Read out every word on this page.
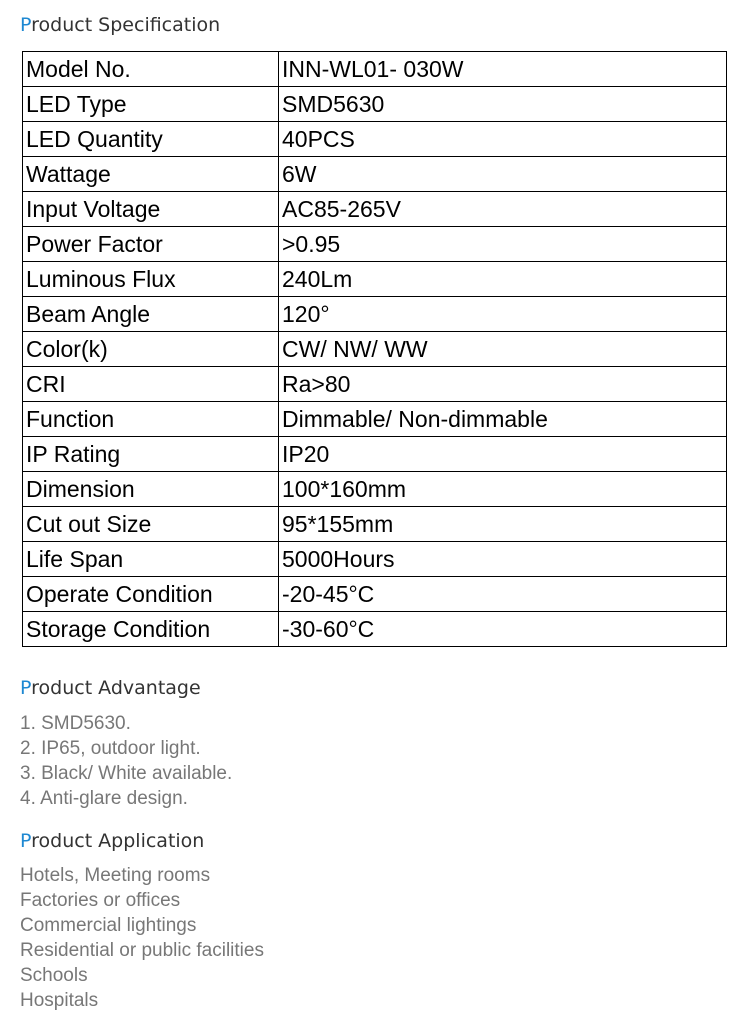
Product Specification
Model No.	INN-WL01- 030W
LED Type	SMD5630
LED Quantity	40PCS
Wattage	6W
Input Voltage	AC85-265V
Power Factor	>0.95
Luminous Flux	240Lm
Beam Angle	120°
Color(k)	CW/ NW/ WW
CRI	Ra>80
Function	Dimmable/ Non-dimmable
IP Rating	IP20
Dimension	100*160mm
Cut out Size	95*155mm
Life Span	5000Hours
Operate Condition	-20-45°C
Storage Condition	-30-60°C
Product Advantage
1. SMD5630.
2. IP65, outdoor light.
3. Black/ White available.
4. Anti-glare design.
Product Application
Hotels, Meeting rooms
Factories or offices
Commercial lightings
Residential or public facilities
Schools
Hospitals
